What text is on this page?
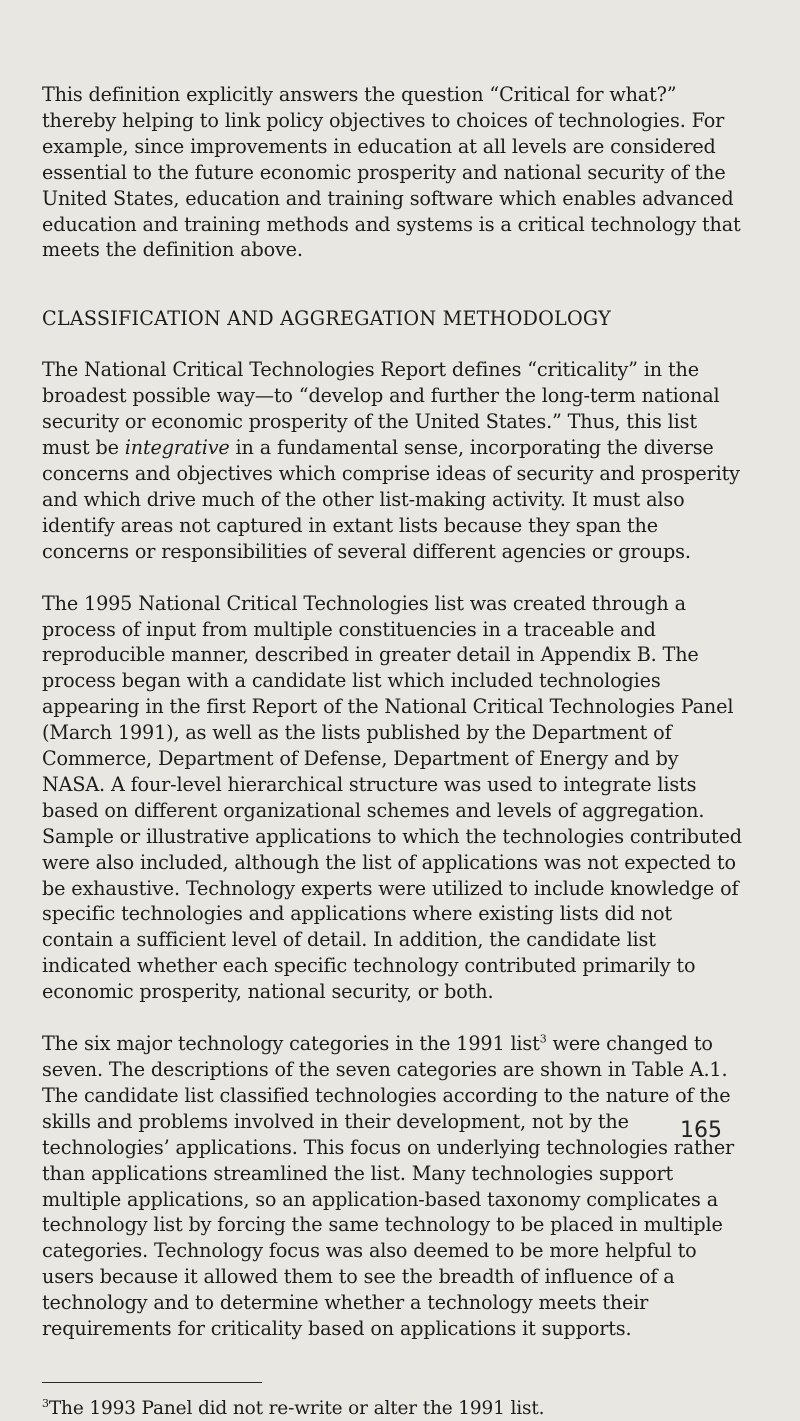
This definition explicitly answers the question “Critical for what?” thereby helping to link policy objectives to choices of technologies. For example, since improvements in education at all levels are considered essential to the future economic prosperity and national security of the United States, education and training software which enables advanced education and training methods and systems is a critical technology that meets the definition above.

CLASSIFICATION AND AGGREGATION METHODOLOGY

The National Critical Technologies Report defines “criticality” in the broadest possible way—to “develop and further the long-term national security or economic prosperity of the United States.” Thus, this list must be integrative in a fundamental sense, incorporating the diverse concerns and objectives which comprise ideas of security and prosperity and which drive much of the other list-making activity. It must also identify areas not captured in extant lists because they span the concerns or responsibilities of several different agencies or groups.

The 1995 National Critical Technologies list was created through a process of input from multiple constituencies in a traceable and reproducible manner, described in greater detail in Appendix B. The process began with a candidate list which included technologies appearing in the first Report of the National Critical Technologies Panel (March 1991), as well as the lists published by the Department of Commerce, Department of Defense, Department of Energy and by NASA. A four-level hierarchical structure was used to integrate lists based on different organizational schemes and levels of aggregation. Sample or illustrative applications to which the technologies contributed were also included, although the list of applications was not expected to be exhaustive. Technology experts were utilized to include knowledge of specific technologies and applications where existing lists did not contain a sufficient level of detail. In addition, the candidate list indicated whether each specific technology contributed primarily to economic prosperity, national security, or both.

The six major technology categories in the 1991 list$^3$ were changed to seven. The descriptions of the seven categories are shown in Table A.1. The candidate list classified technologies according to the nature of the skills and problems involved in their development, not by the technologies’ applications. This focus on underlying technologies rather than applications streamlined the list. Many technologies support multiple applications, so an application-based taxonomy complicates a technology list by forcing the same technology to be placed in multiple categories. Technology focus was also deemed to be more helpful to users because it allowed them to see the breadth of influence of a technology and to determine whether a technology meets their requirements for criticality based on applications it supports.

$^3$The 1993 Panel did not re-write or alter the 1991 list.

165
